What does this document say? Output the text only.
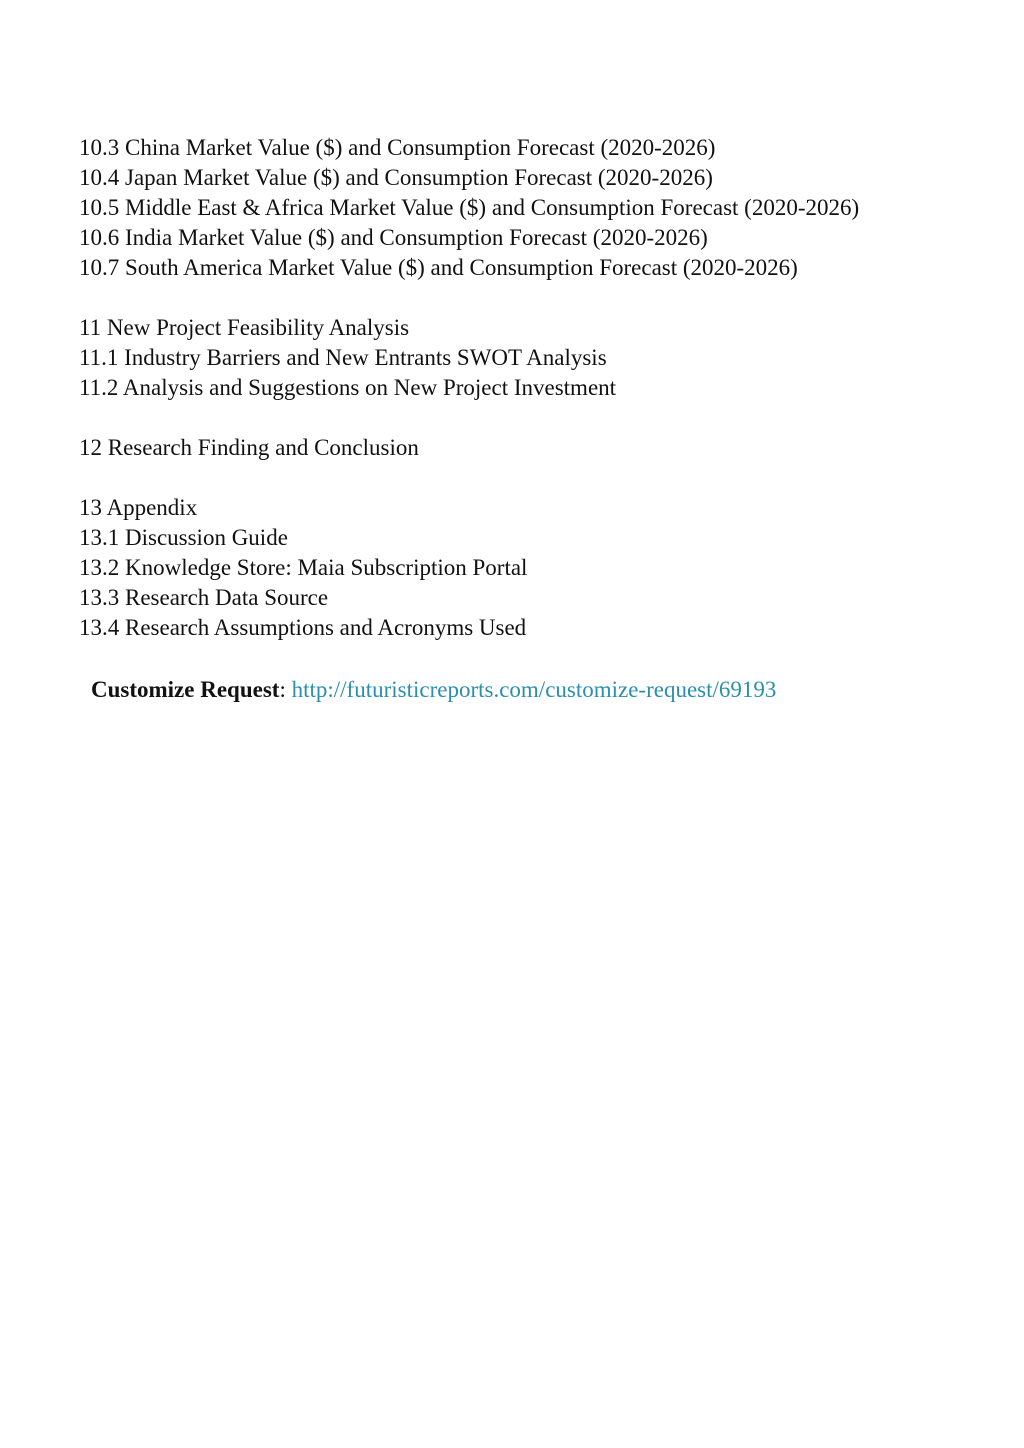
10.3 China Market Value ($) and Consumption Forecast (2020-2026)
10.4 Japan Market Value ($) and Consumption Forecast (2020-2026)
10.5 Middle East & Africa Market Value ($) and Consumption Forecast (2020-2026)
10.6 India Market Value ($) and Consumption Forecast (2020-2026)
10.7 South America Market Value ($) and Consumption Forecast (2020-2026)
11 New Project Feasibility Analysis
11.1 Industry Barriers and New Entrants SWOT Analysis
11.2 Analysis and Suggestions on New Project Investment
12 Research Finding and Conclusion
13 Appendix
13.1 Discussion Guide
13.2 Knowledge Store: Maia Subscription Portal
13.3 Research Data Source
13.4 Research Assumptions and Acronyms Used
Customize Request: http://futuristicreports.com/customize-request/69193
